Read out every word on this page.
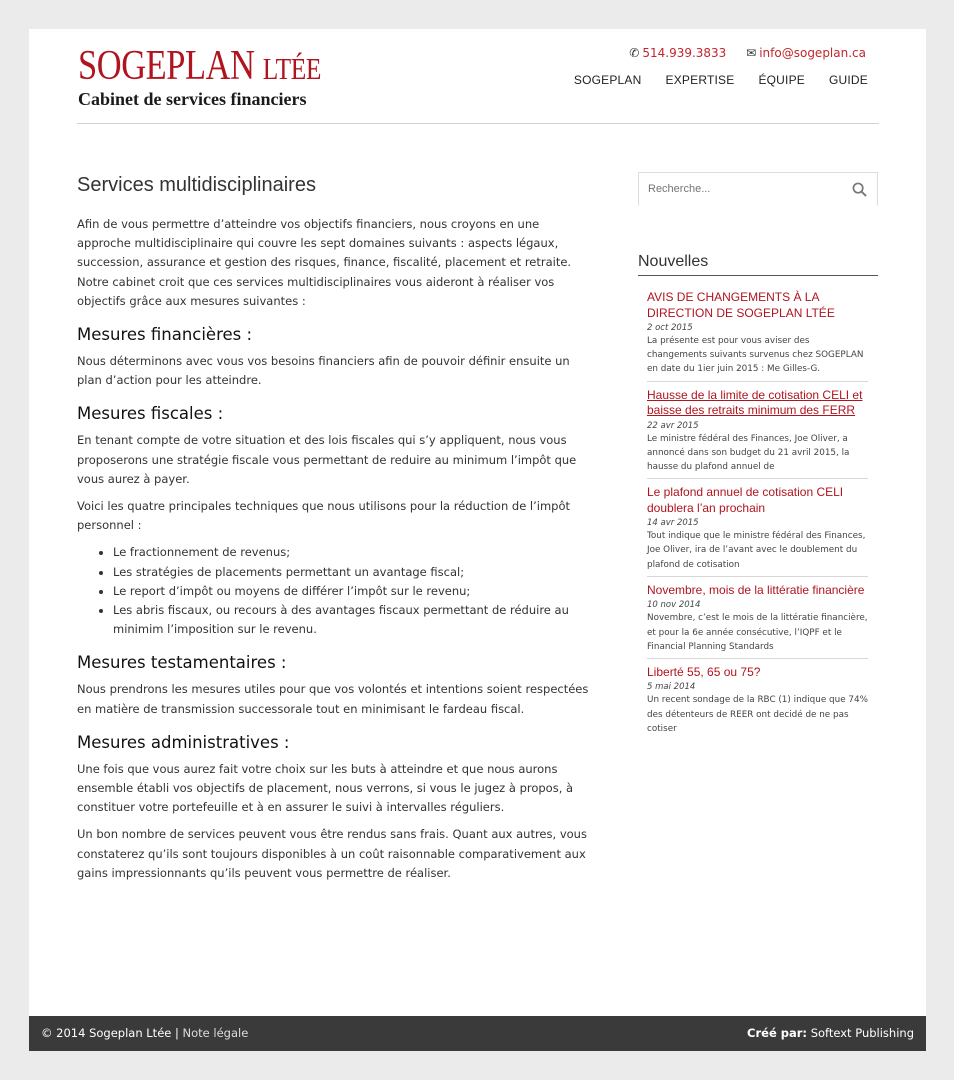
SOGEPLAN LTÉE
Cabinet de services financiers
✆ 514.939.3833 ✉ info@sogeplan.ca
SOGEPLAN EXPERTISE ÉQUIPE GUIDE
Services multidisciplinaires

Afin de vous permettre d’atteindre vos objectifs financiers, nous croyons en une approche multidisciplinaire qui couvre les sept domaines suivants : aspects légaux, succession, assurance et gestion des risques, finance, fiscalité, placement et retraite. Notre cabinet croit que ces services multidisciplinaires vous aideront à réaliser vos objectifs grâce aux mesures suivantes :

Mesures financières :

Nous déterminons avec vous vos besoins financiers afin de pouvoir définir ensuite un plan d’action pour les atteindre.

Mesures fiscales :

En tenant compte de votre situation et des lois fiscales qui s’y appliquent, nous vous proposerons une stratégie fiscale vous permettant de reduire au minimum l’impôt que vous aurez à payer.

Voici les quatre principales techniques que nous utilisons pour la réduction de l’impôt personnel :

• Le fractionnement de revenus;
• Les stratégies de placements permettant un avantage fiscal;
• Le report d’impôt ou moyens de différer l’impôt sur le revenu;
• Les abris fiscaux, ou recours à des avantages fiscaux permettant de réduire au minimim l’imposition sur le revenu.
Mesures testamentaires :

Nous prendrons les mesures utiles pour que vos volontés et intentions soient respectées en matière de transmission successorale tout en minimisant le fardeau fiscal.

Mesures administratives :

Une fois que vous aurez fait votre choix sur les buts à atteindre et que nous aurons ensemble établi vos objectifs de placement, nous verrons, si vous le jugez à propos, à constituer votre portefeuille et à en assurer le suivi à intervalles réguliers.

Un bon nombre de services peuvent vous être rendus sans frais. Quant aux autres, vous constaterez qu’ils sont toujours disponibles à un coût raisonnable comparativement aux gains impressionnants qu’ils peuvent vous permettre de réaliser.

Recherche...
Nouvelles
AVIS DE CHANGEMENTS À LA DIRECTION DE SOGEPLAN LTÉE
2 oct 2015
La présente est pour vous aviser des changements suivants survenus chez SOGEPLAN en date du 1ier juin 2015 : Me Gilles-G.
Hausse de la limite de cotisation CELI et baisse des retraits minimum des FERR
22 avr 2015
Le ministre fédéral des Finances, Joe Oliver, a annoncé dans son budget du 21 avril 2015, la hausse du plafond annuel de
Le plafond annuel de cotisation CELI doublera l’an prochain
14 avr 2015
Tout indique que le ministre fédéral des Finances, Joe Oliver, ira de l’avant avec le doublement du plafond de cotisation
Novembre, mois de la littératie financière
10 nov 2014
Novembre, c’est le mois de la littératie financière, et pour la 6e année consécutive, l’IQPF et le Financial Planning Standards
Liberté 55, 65 ou 75?
5 mai 2014
Un recent sondage de la RBC (1) indique que 74% des détenteurs de REER ont decidé de ne pas cotiser
© 2014 Sogeplan Ltée | Note légale	Créé par: Softext Publishing
